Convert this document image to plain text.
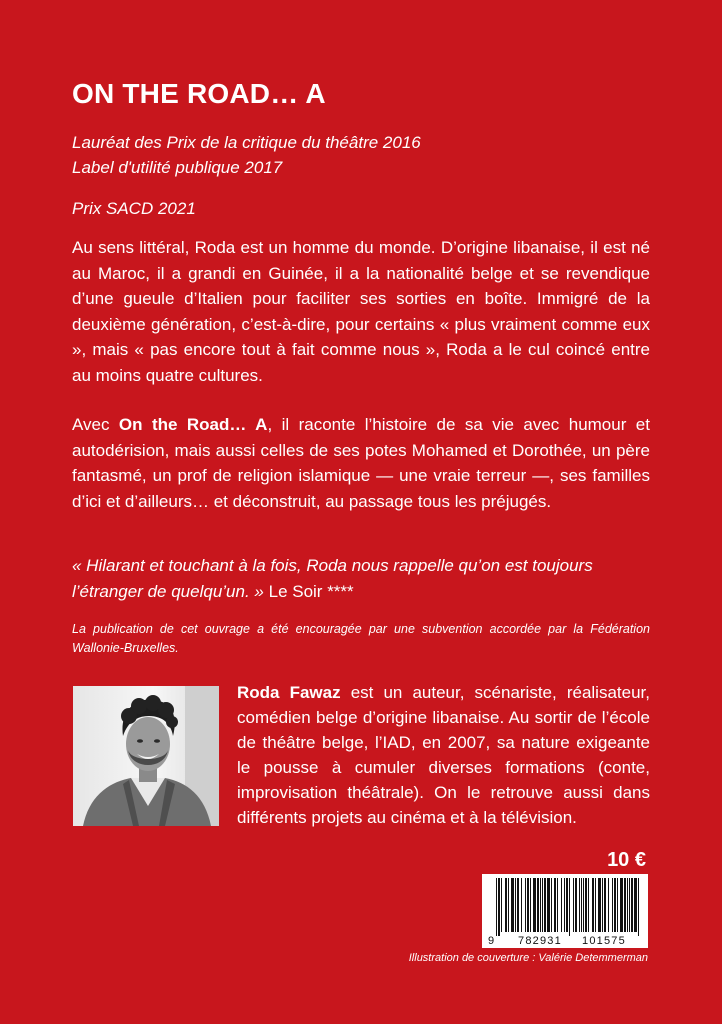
ON THE ROAD… A
Lauréat des Prix de la critique du théâtre 2016
Label d'utilité publique 2017
Prix SACD 2021

Au sens littéral, Roda est un homme du monde. D’origine libanaise, il est né au Maroc, il a grandi en Guinée, il a la nationalité belge et se revendique d’une gueule d’Italien pour faciliter ses sorties en boîte. Immigré de la deuxième génération, c’est-à-dire, pour certains « plus vraiment comme eux », mais « pas encore tout à fait comme nous », Roda a le cul coincé entre au moins quatre cultures.

Avec On the Road… A, il raconte l’histoire de sa vie avec humour et autodérision, mais aussi celles de ses potes Mohamed et Dorothée, un père fantasmé, un prof de religion islamique — une vraie terreur —, ses familles d’ici et d’ailleurs… et déconstruit, au passage tous les préjugés.

« Hilarant et touchant à la fois, Roda nous rappelle qu’on est toujours l’étranger de quelqu’un. » Le Soir ****

La publication de cet ouvrage a été encouragée par une subvention accordée par la Fédération Wallonie-Bruxelles.

Roda Fawaz est un auteur, scénariste, réalisateur, comédien belge d’origine libanaise. Au sortir de l’école de théâtre belge, l’IAD, en 2007, sa nature exigeante le pousse à cumuler diverses formations (conte, improvisation théâtrale). On le retrouve aussi dans différents projets au cinéma et à la télévision.

10 €
9 782931 101575
Illustration de couverture : Valérie Detemmerman
